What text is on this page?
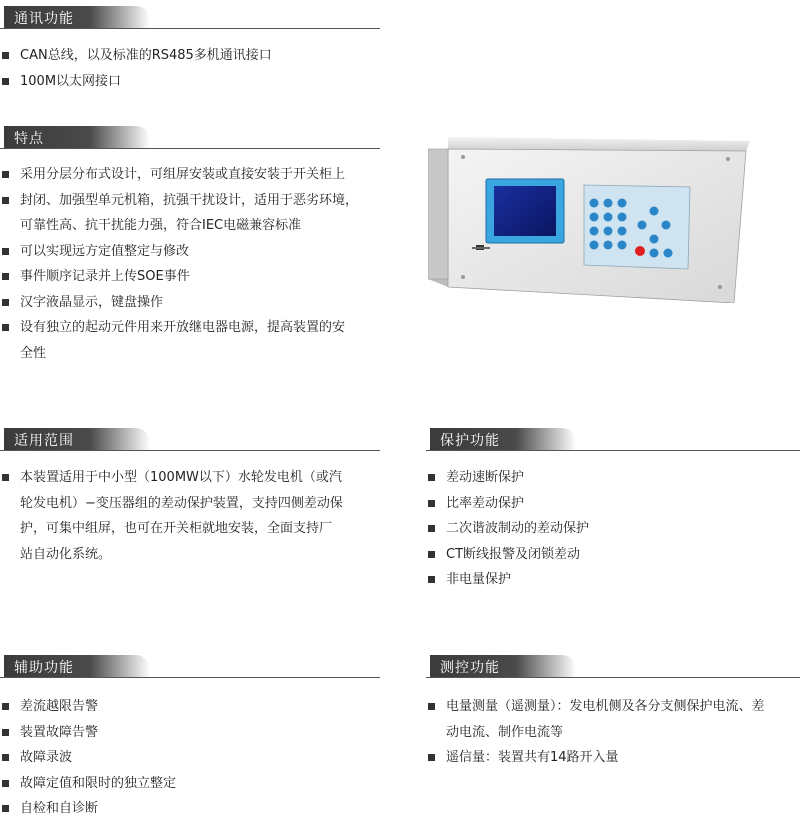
通讯功能
CAN总线，以及标准的RS485多机通讯接口
100M以太网接口
特点
采用分层分布式设计，可组屏安装或直接安装于开关柜上
封闭、加强型单元机箱，抗强干扰设计，适用于恶劣环境，
可靠性高、抗干扰能力强，符合IEC电磁兼容标准
可以实现远方定值整定与修改
事件顺序记录并上传SOE事件
汉字液晶显示，键盘操作
设有独立的起动元件用来开放继电器电源，提高装置的安
全性
适用范围
本装置适用于中小型（100MW以下）水轮发电机（或汽
轮发电机）−变压器组的差动保护装置，支持四侧差动保
护，可集中组屏，也可在开关柜就地安装，全面支持厂
站自动化系统。
保护功能
差动速断保护
比率差动保护
二次谐波制动的差动保护
CT断线报警及闭锁差动
非电量保护
辅助功能
差流越限告警
装置故障告警
故障录波
故障定值和限时的独立整定
自检和自诊断
测控功能
电量测量（遥测量）：发电机侧及各分支侧保护电流、差
动电流、制作电流等
遥信量：装置共有14路开入量
